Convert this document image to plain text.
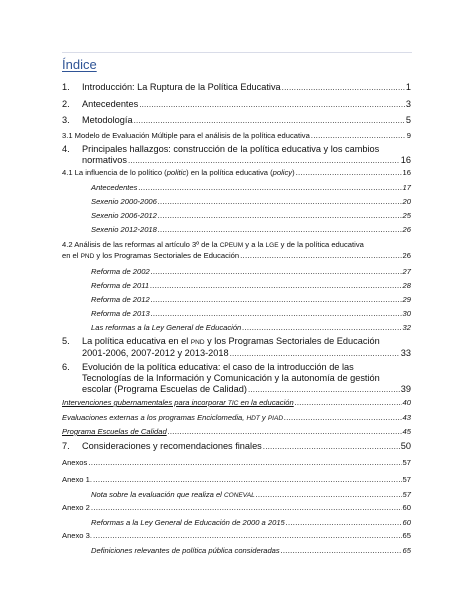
Índice
1.	Introducción: La Ruptura de la Política Educativa .....	1
2.	Antecedentes .....	3
3.	Metodología .....	5
3.1 Modelo de Evaluación Múltiple para el análisis de la política educativa .....	9
4.	Principales hallazgos: construcción de la política educativa y los cambios
normativos .....	16
4.1 La influencia de lo político (politic) en la política educativa (policy) .....	16
Antecedentes .....	17
Sexenio 2000-2006 .....	20
Sexenio 2006-2012 .....	25
Sexenio 2012-2018 .....	26
4.2 Análisis de las reformas al artículo 3º de la CPEUM y a la LGE y de la política educativa
en el PND y los Programas Sectoriales de Educación .....	26
Reforma de 2002 .....	27
Reforma de 2011 .....	28
Reforma de 2012 .....	29
Reforma de 2013 .....	30
Las reformas a la Ley General de Educación .....	32
5.	La política educativa en el PND y los Programas Sectoriales de Educación
2001-2006, 2007-2012 y 2013-2018 .....	33
6.	Evolución de la política educativa: el caso de la introducción de las
Tecnologías de la Información y Comunicación y la autonomía de gestión
escolar (Programa Escuelas de Calidad) .....	39
Intervenciones gubernamentales para incorporar TIC en la educación .....	40
Evaluaciones externas a los programas Enciclomedia, HDT y PIAD .....	43
Programa Escuelas de Calidad .....	45
7.	Consideraciones y recomendaciones finales .....	50
Anexos .....	57
Anexo 1. .....	57
Nota sobre la evaluación que realiza el CONEVAL .....	57
Anexo 2 .....	60
Reformas a la Ley General de Educación de 2000 a 2015 .....	60
Anexo 3. .....	65
Definiciones relevantes de política pública consideradas .....	65
